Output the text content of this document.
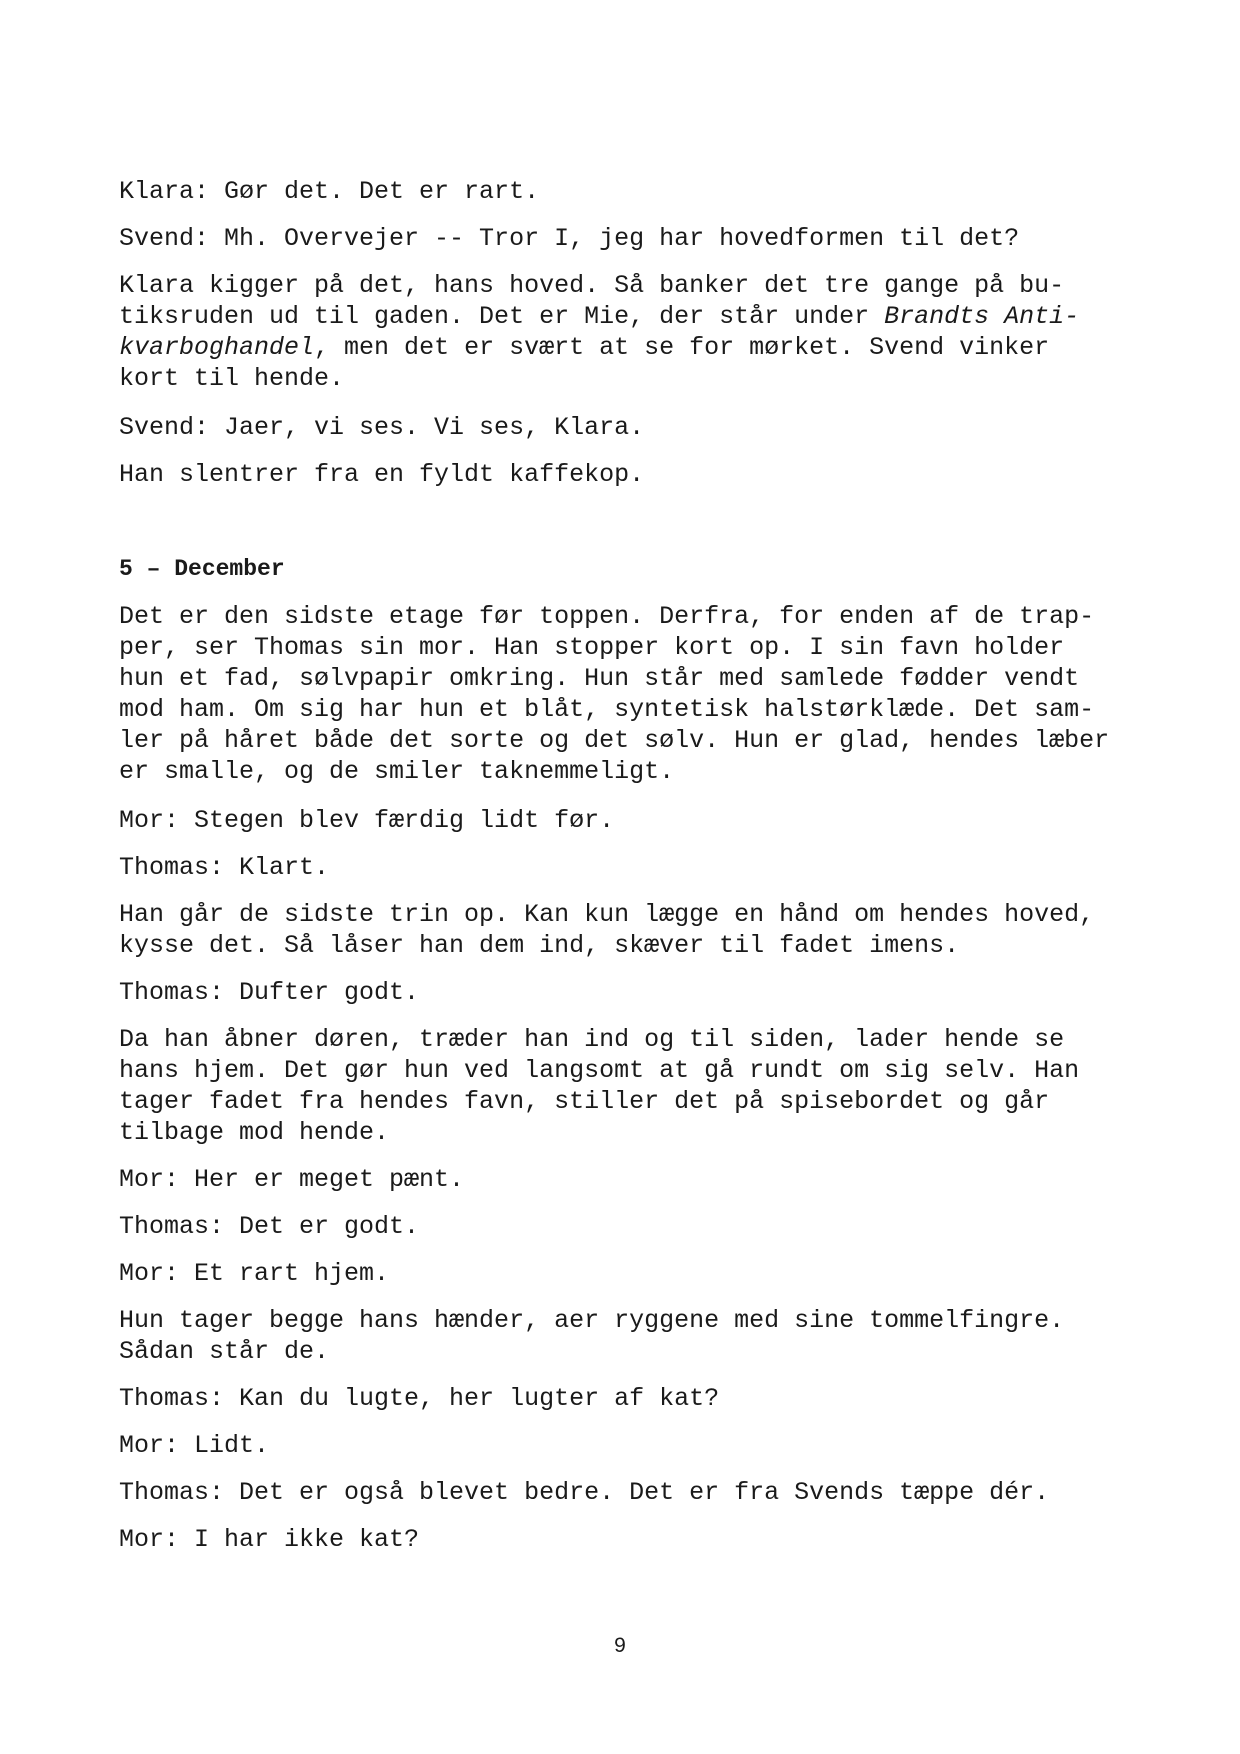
Klara: Gør det. Det er rart.
Svend: Mh. Overvejer -- Tror I, jeg har hovedformen til det?
Klara kigger på det, hans hoved. Så banker det tre gange på bu-
tiksruden ud til gaden. Det er Mie, der står under Brandts Anti-
kvarboghandel, men det er svært at se for mørket. Svend vinker
kort til hende.
Svend: Jaer, vi ses. Vi ses, Klara.
Han slentrer fra en fyldt kaffekop.
5 – December
Det er den sidste etage før toppen. Derfra, for enden af de trap-
per, ser Thomas sin mor. Han stopper kort op. I sin favn holder
hun et fad, sølvpapir omkring. Hun står med samlede fødder vendt
mod ham. Om sig har hun et blåt, syntetisk halstørklæde. Det sam-
ler på håret både det sorte og det sølv. Hun er glad, hendes læber
er smalle, og de smiler taknemmeligt.
Mor: Stegen blev færdig lidt før.
Thomas: Klart.
Han går de sidste trin op. Kan kun lægge en hånd om hendes hoved,
kysse det. Så låser han dem ind, skæver til fadet imens.
Thomas: Dufter godt.
Da han åbner døren, træder han ind og til siden, lader hende se
hans hjem. Det gør hun ved langsomt at gå rundt om sig selv. Han
tager fadet fra hendes favn, stiller det på spisebordet og går
tilbage mod hende.
Mor: Her er meget pænt.
Thomas: Det er godt.
Mor: Et rart hjem.
Hun tager begge hans hænder, aer ryggene med sine tommelfingre.
Sådan står de.
Thomas: Kan du lugte, her lugter af kat?
Mor: Lidt.
Thomas: Det er også blevet bedre. Det er fra Svends tæppe dér.
Mor: I har ikke kat?
9
